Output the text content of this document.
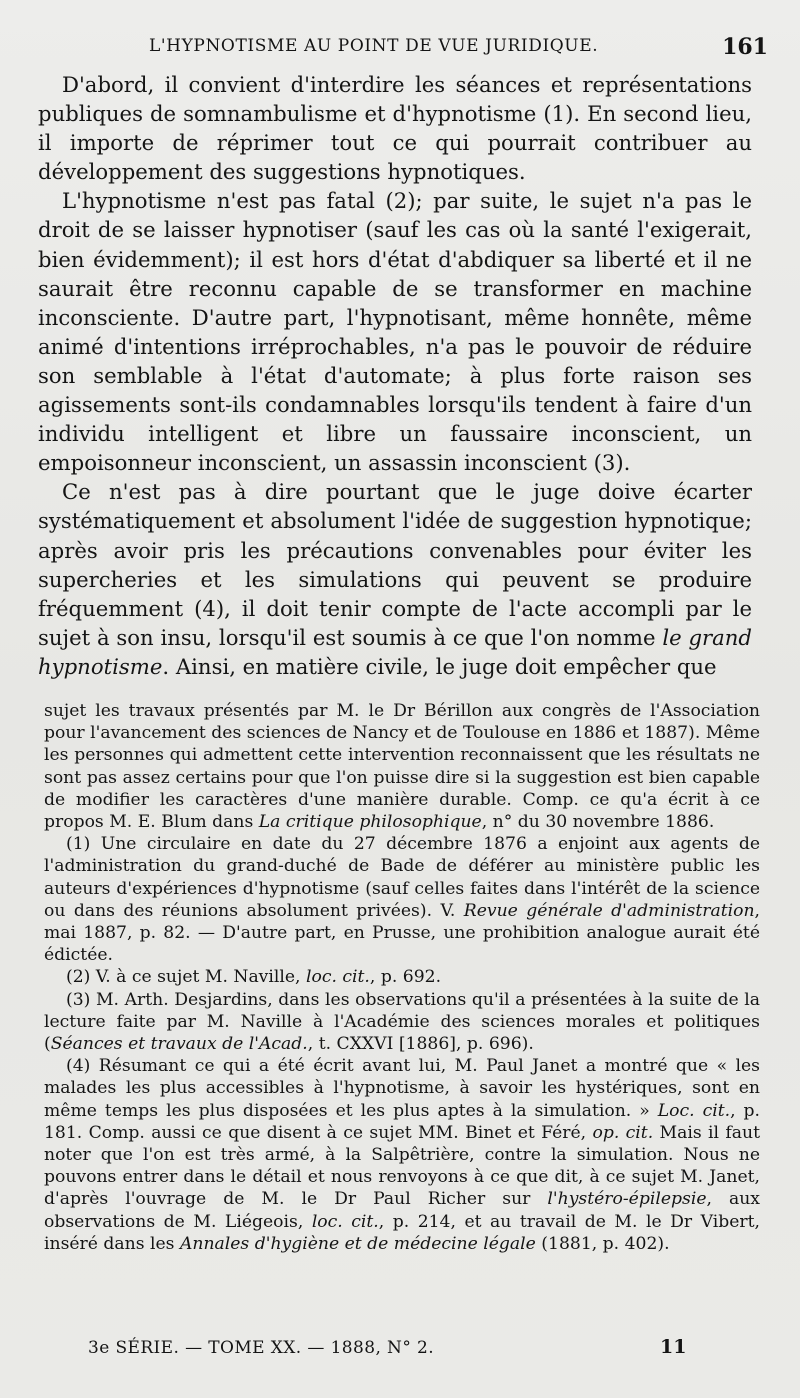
L'HYPNOTISME AU POINT DE VUE JURIDIQUE.	161

D'abord, il convient d'interdire les séances et représentations publiques de somnambulisme et d'hypnotisme (1). En second lieu, il importe de réprimer tout ce qui pourrait contribuer au développement des suggestions hypnotiques.

L'hypnotisme n'est pas fatal (2); par suite, le sujet n'a pas le droit de se laisser hypnotiser (sauf les cas où la santé l'exigerait, bien évidemment); il est hors d'état d'abdiquer sa liberté et il ne saurait être reconnu capable de se transformer en machine inconsciente. D'autre part, l'hypnotisant, même honnête, même animé d'intentions irréprochables, n'a pas le pouvoir de réduire son semblable à l'état d'automate; à plus forte raison ses agissements sont-ils condamnables lorsqu'ils tendent à faire d'un individu intelligent et libre un faussaire inconscient, un empoisonneur inconscient, un assassin inconscient (3).

Ce n'est pas à dire pourtant que le juge doive écarter systématiquement et absolument l'idée de suggestion hypnotique; après avoir pris les précautions convenables pour éviter les supercheries et les simulations qui peuvent se produire fréquemment (4), il doit tenir compte de l'acte accompli par le sujet à son insu, lorsqu'il est soumis à ce que l'on nomme le grand hypnotisme. Ainsi, en matière civile, le juge doit empêcher que

sujet les travaux présentés par M. le Dr Bérillon aux congrès de l'Association pour l'avancement des sciences de Nancy et de Toulouse en 1886 et 1887). Même les personnes qui admettent cette intervention reconnaissent que les résultats ne sont pas assez certains pour que l'on puisse dire si la suggestion est bien capable de modifier les caractères d'une manière durable. Comp. ce qu'a écrit à ce propos M. E. Blum dans La critique philosophique, n° du 30 novembre 1886.

(1) Une circulaire en date du 27 décembre 1876 a enjoint aux agents de l'administration du grand-duché de Bade de déférer au ministère public les auteurs d'expériences d'hypnotisme (sauf celles faites dans l'intérêt de la science ou dans des réunions absolument privées). V. Revue générale d'administration, mai 1887, p. 82. — D'autre part, en Prusse, une prohibition analogue aurait été édictée.

(2) V. à ce sujet M. Naville, loc. cit., p. 692.

(3) M. Arth. Desjardins, dans les observations qu'il a présentées à la suite de la lecture faite par M. Naville à l'Académie des sciences morales et politiques (Séances et travaux de l'Acad., t. CXXVI [1886], p. 696).

(4) Résumant ce qui a été écrit avant lui, M. Paul Janet a montré que « les malades les plus accessibles à l'hypnotisme, à savoir les hystériques, sont en même temps les plus disposées et les plus aptes à la simulation. » Loc. cit., p. 181. Comp. aussi ce que disent à ce sujet MM. Binet et Féré, op. cit. Mais il faut noter que l'on est très armé, à la Salpêtrière, contre la simulation. Nous ne pouvons entrer dans le détail et nous renvoyons à ce que dit, à ce sujet M. Janet, d'après l'ouvrage de M. le Dr Paul Richer sur l'hystéro-épilepsie, aux observations de M. Liégeois, loc. cit., p. 214, et au travail de M. le Dr Vibert, inséré dans les Annales d'hygiène et de médecine légale (1881, p. 402).

3e SÉRIE. — TOME XX. — 1888, N° 2.	11
